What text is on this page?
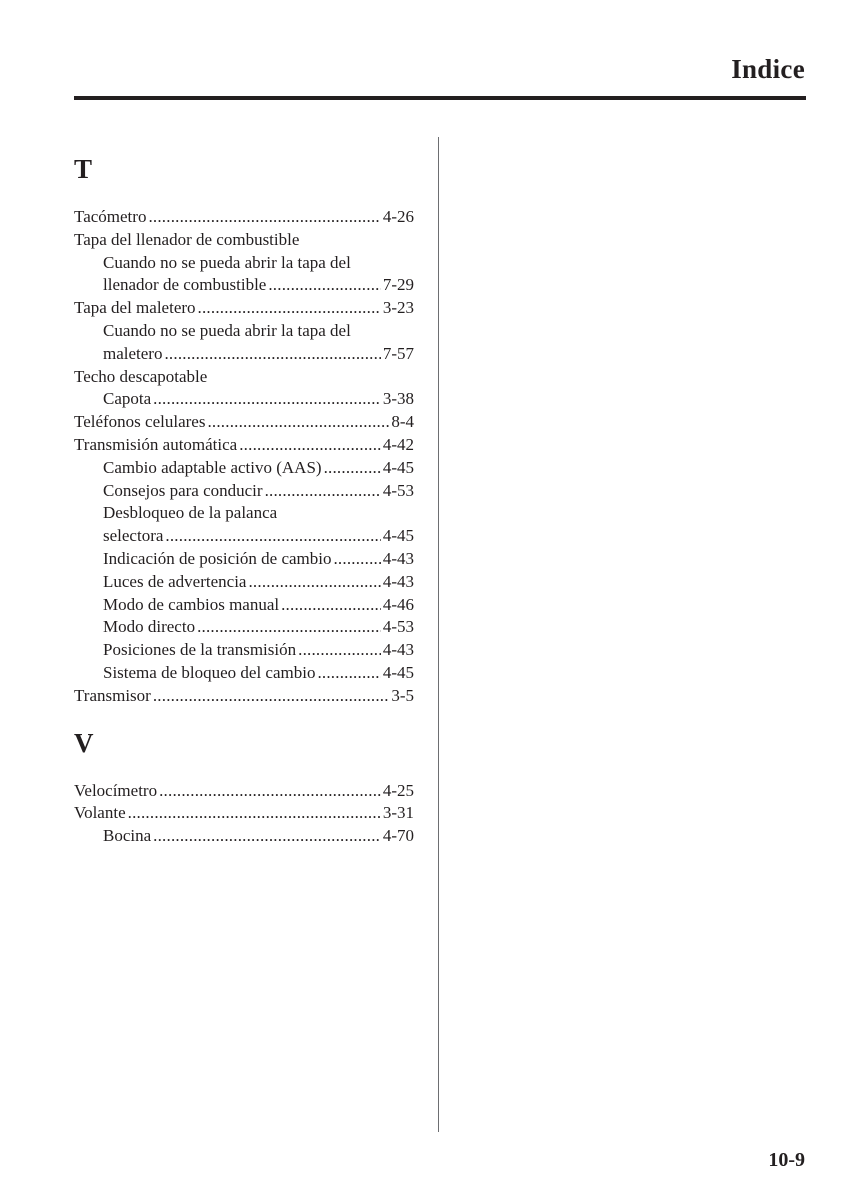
Indice
T
Tacómetro .....	4-26
Tapa del llenador de combustible
Cuando no se pueda abrir la tapa del
llenador de combustible .....	7-29
Tapa del maletero .....	3-23
Cuando no se pueda abrir la tapa del
maletero .....	7-57
Techo descapotable
Capota .....	3-38
Teléfonos celulares .....	8-4
Transmisión automática .....	4-42
Cambio adaptable activo (AAS) .....	4-45
Consejos para conducir .....	4-53
Desbloqueo de la palanca
selectora .....	4-45
Indicación de posición de cambio .....	4-43
Luces de advertencia .....	4-43
Modo de cambios manual .....	4-46
Modo directo .....	4-53
Posiciones de la transmisión .....	4-43
Sistema de bloqueo del cambio .....	4-45
Transmisor .....	3-5
V
Velocímetro .....	4-25
Volante .....	3-31
Bocina .....	4-70
10-9
